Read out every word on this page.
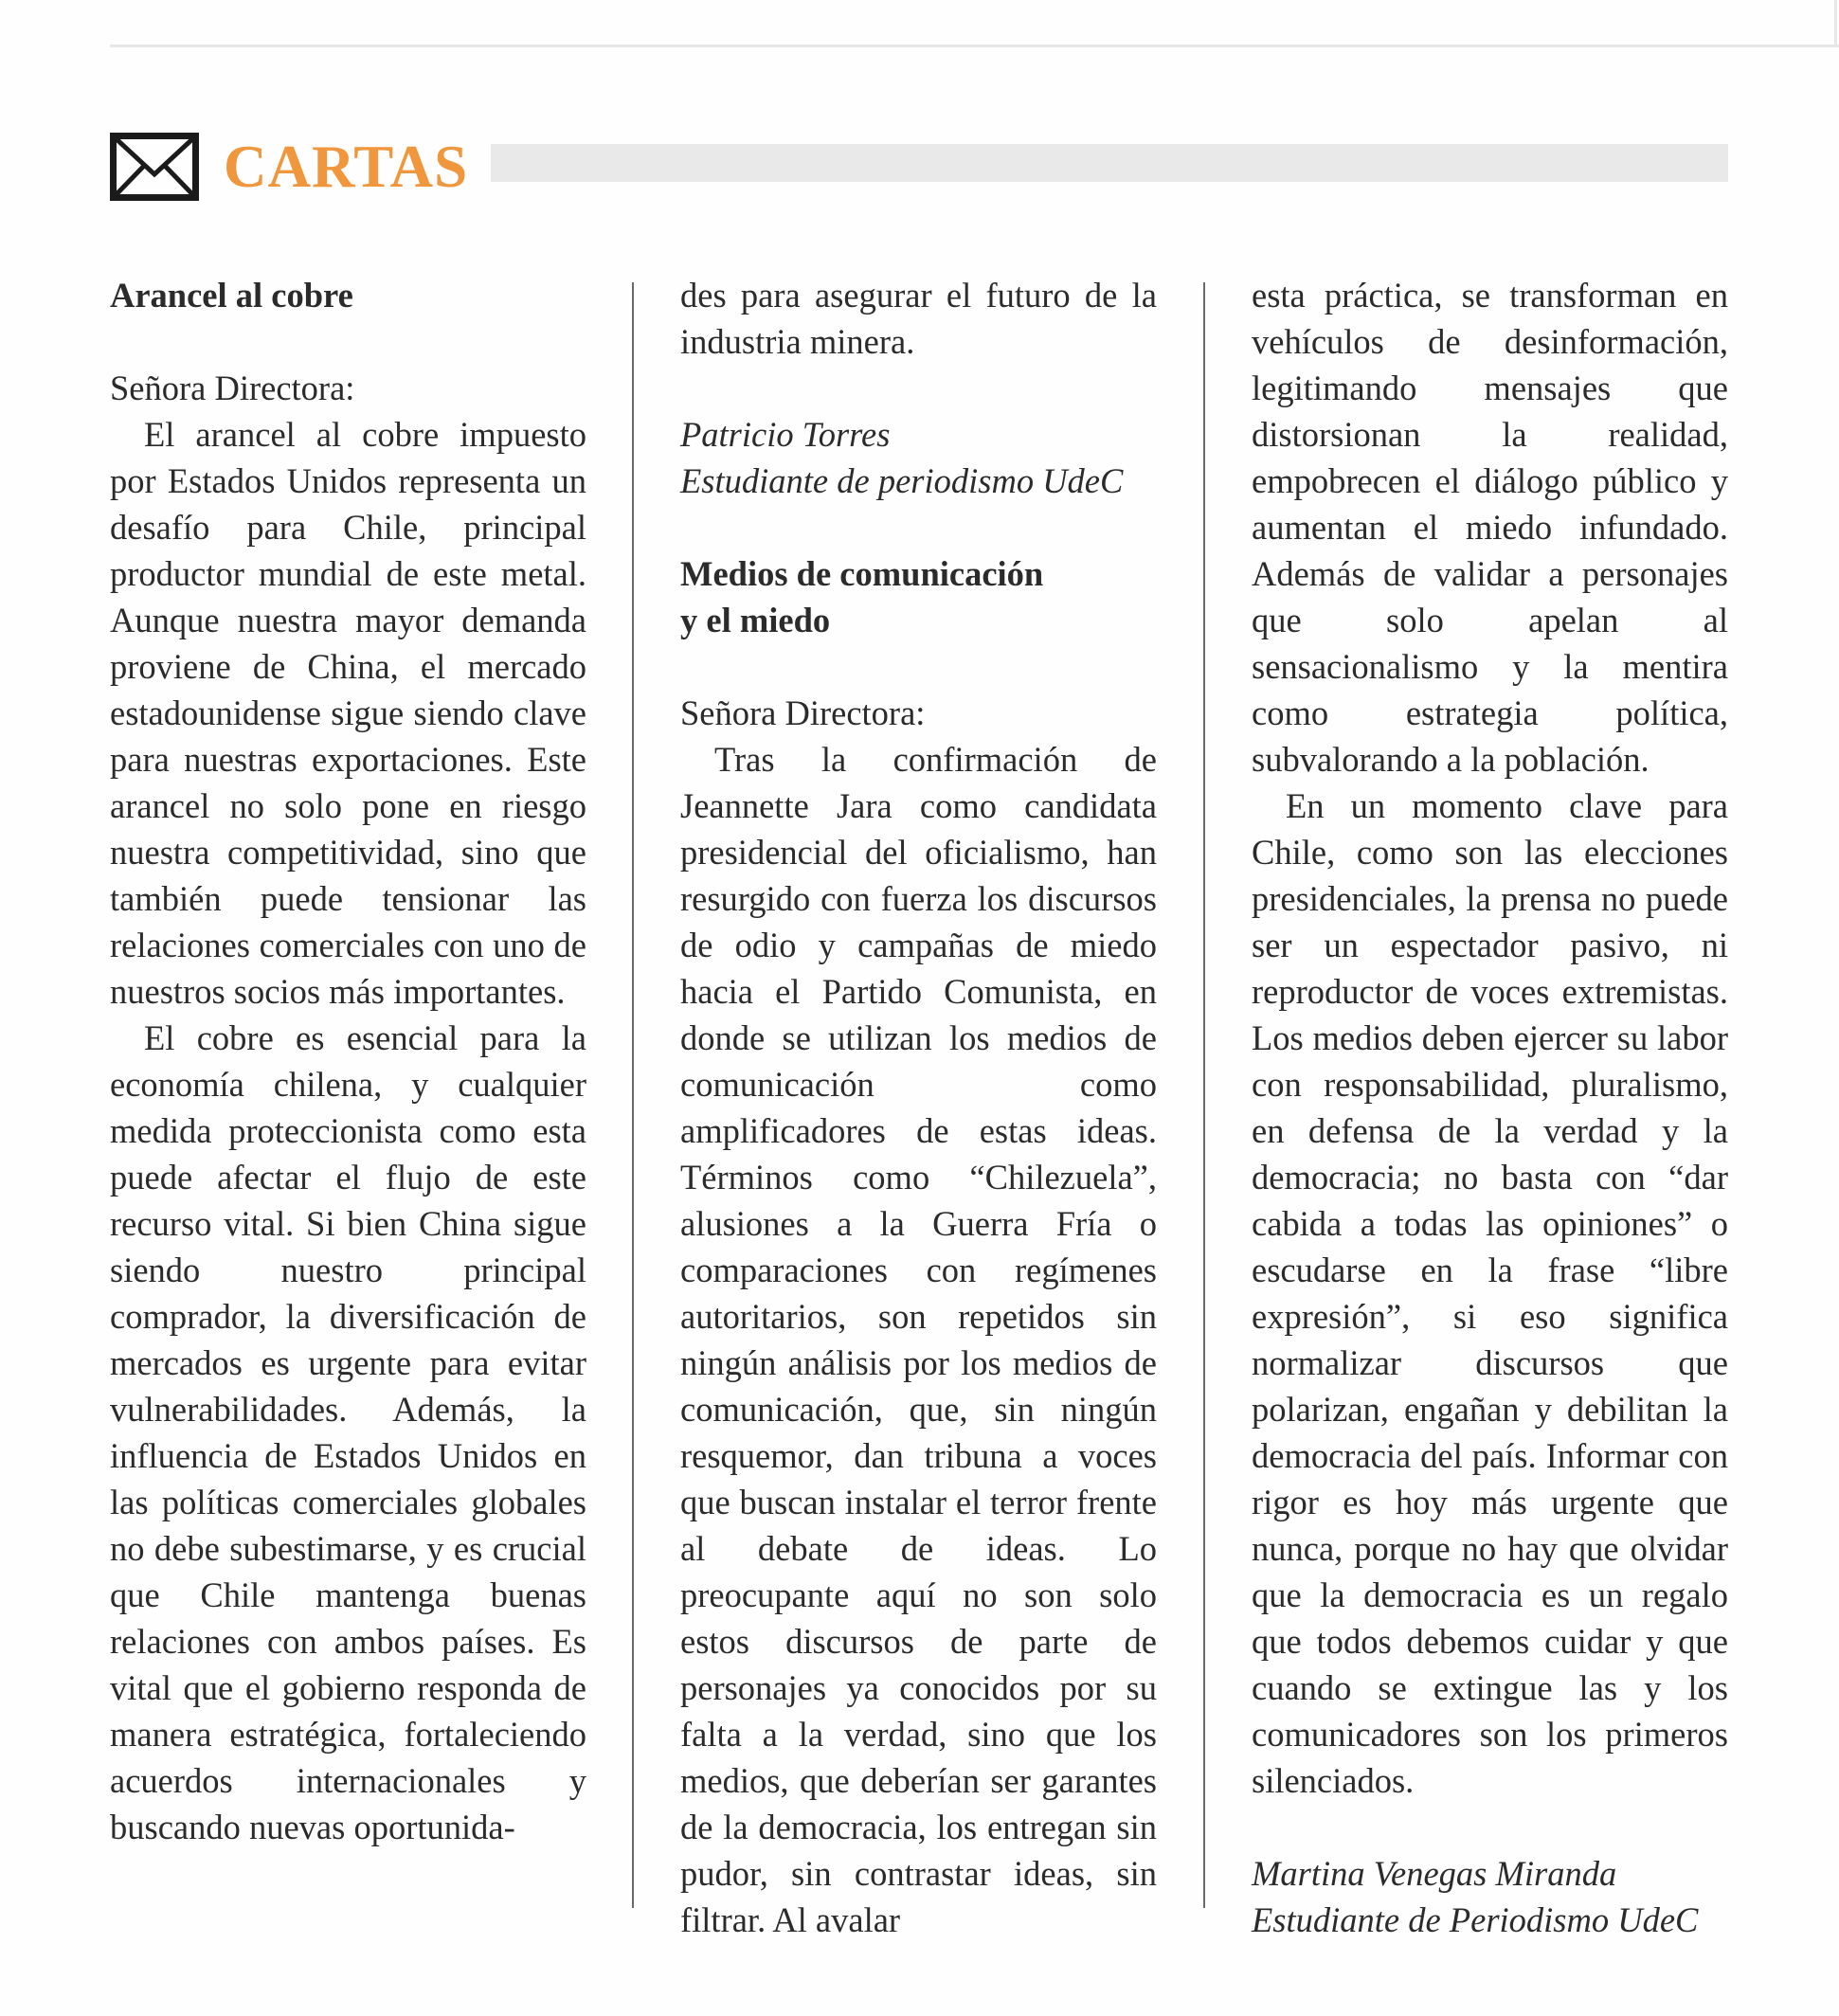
CARTAS
Arancel al cobre
Señora Directora:

El arancel al cobre impuesto por Estados Unidos representa un desafío para Chile, principal productor mundial de este metal. Aunque nuestra mayor demanda proviene de China, el mercado estadounidense sigue siendo clave para nuestras exportaciones. Este arancel no solo pone en riesgo nuestra competitividad, sino que también puede tensionar las relaciones comerciales con uno de nuestros socios más importantes.

El cobre es esencial para la economía chilena, y cualquier medida proteccionista como esta puede afectar el flujo de este recurso vital. Si bien China sigue siendo nuestro principal comprador, la diversificación de mercados es urgente para evitar vulnerabilidades. Además, la influencia de Estados Unidos en las políticas comerciales globales no debe subestimarse, y es crucial que Chile mantenga buenas relaciones con ambos países. Es vital que el gobierno responda de manera estratégica, fortaleciendo acuerdos internacionales y buscando nuevas oportunida-

des para asegurar el futuro de la industria minera.

Patricio Torres
Estudiante de periodismo UdeC
Medios de comunicación
y el miedo
Señora Directora:

Tras la confirmación de Jeannette Jara como candidata presidencial del oficialismo, han resurgido con fuerza los discursos de odio y campañas de miedo hacia el Partido Comunista, en donde se utilizan los medios de comunicación como amplificadores de estas ideas. Términos como “Chilezuela”, alusiones a la Guerra Fría o comparaciones con regímenes autoritarios, son repetidos sin ningún análisis por los medios de comunicación, que, sin ningún resquemor, dan tribuna a voces que buscan instalar el terror frente al debate de ideas. Lo preocupante aquí no son solo estos discursos de parte de personajes ya conocidos por su falta a la verdad, sino que los medios, que deberían ser garantes de la democracia, los entregan sin pudor, sin contrastar ideas, sin filtrar. Al avalar

esta práctica, se transforman en vehículos de desinformación, legitimando mensajes que distorsionan la realidad, empobrecen el diálogo público y aumentan el miedo infundado. Además de validar a personajes que solo apelan al sensacionalismo y la mentira como estrategia política, subvalorando a la población.

En un momento clave para Chile, como son las elecciones presidenciales, la prensa no puede ser un espectador pasivo, ni reproductor de voces extremistas. Los medios deben ejercer su labor con responsabilidad, pluralismo, en defensa de la verdad y la democracia; no basta con “dar cabida a todas las opiniones” o escudarse en la frase “libre expresión”, si eso significa normalizar discursos que polarizan, engañan y debilitan la democracia del país. Informar con rigor es hoy más urgente que nunca, porque no hay que olvidar que la democracia es un regalo que todos debemos cuidar y que cuando se extingue las y los comunicadores son los primeros silenciados.

Martina Venegas Miranda
Estudiante de Periodismo UdeC
